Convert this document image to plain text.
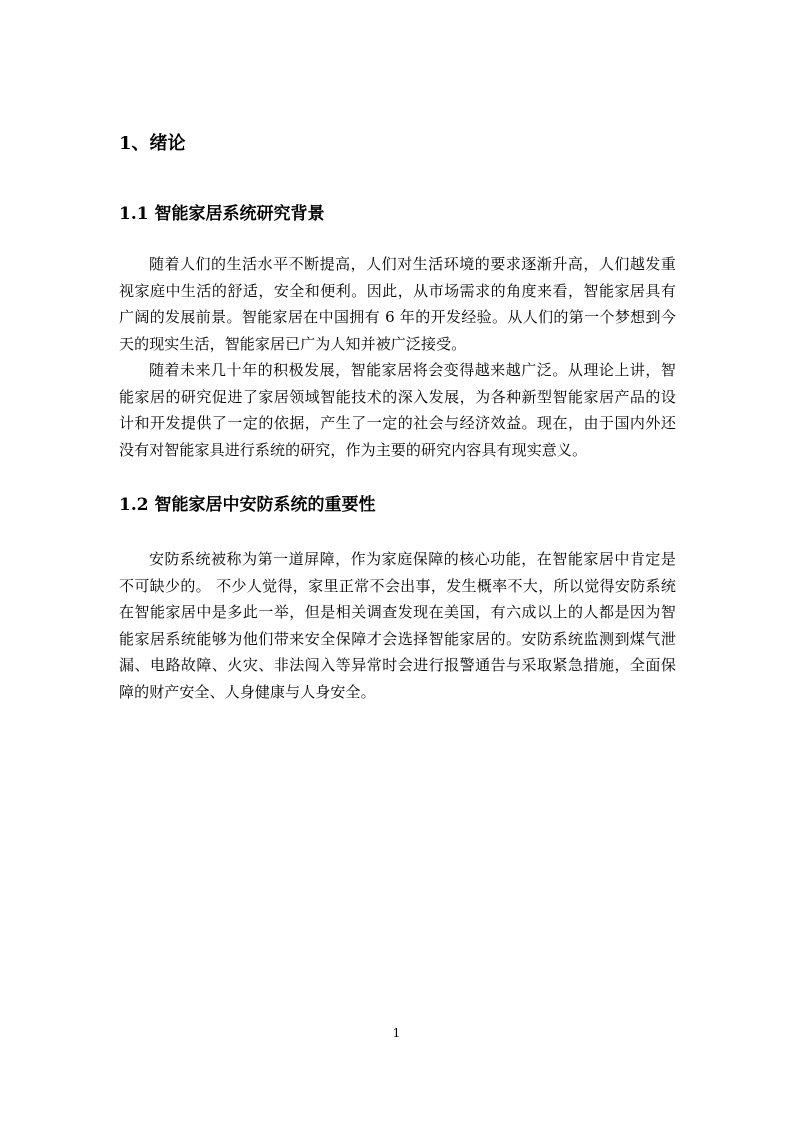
1、绪论
1.1 智能家居系统研究背景

随着人们的生活水平不断提高，人们对生活环境的要求逐渐升高，人们越发重视家庭中生活的舒适，安全和便利。因此，从市场需求的角度来看，智能家居具有广阔的发展前景。智能家居在中国拥有 6 年的开发经验。从人们的第一个梦想到今天的现实生活，智能家居已广为人知并被广泛接受。

随着未来几十年的积极发展，智能家居将会变得越来越广泛。从理论上讲，智能家居的研究促进了家居领域智能技术的深入发展，为各种新型智能家居产品的设计和开发提供了一定的依据，产生了一定的社会与经济效益。现在，由于国内外还没有对智能家具进行系统的研究，作为主要的研究内容具有现实意义。

1.2 智能家居中安防系统的重要性

安防系统被称为第一道屏障，作为家庭保障的核心功能，在智能家居中肯定是不可缺少的。 不少人觉得，家里正常不会出事，发生概率不大，所以觉得安防系统在智能家居中是多此一举，但是相关调查发现在美国，有六成以上的人都是因为智能家居系统能够为他们带来安全保障才会选择智能家居的。安防系统监测到煤气泄漏、电路故障、火灾、非法闯入等异常时会进行报警通告与采取紧急措施，全面保障的财产安全、人身健康与人身安全。

1
